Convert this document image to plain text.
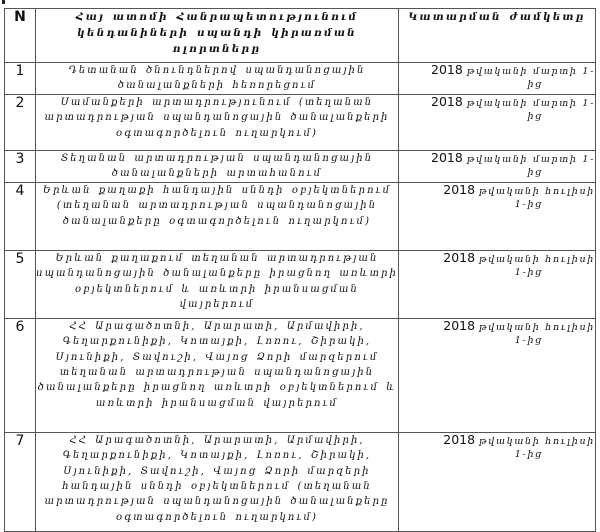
N	Հայ ատոմի Հանրապետությունում կենդանիների սպանդի կիրառման ոլորտները	Կատարման ժամկետը
1	Դետանան ծնունդներով սպանդանոցային ծանալանքների հեռորեցում	2018 թվականի մարտի 1-
ից

2	Սամանքերի արտադրությունում (տեղանան արտադրության սպանդանոցային ծանալանքերի օգտագործելուն ուղարկում)	2018 թվականի մարտի 1-
ից

3	Տեղանան արտադրության սպանդանոցային ծանալանքների արտահանում	2018 թվականի մարտի 1-
ից

4	Երևան քաղաքի հանդային սննդի օբյեկտներում (տեղանան արտադրության սպանդանոցային ծանալանքերը օգտագործելուն ուղարկում)	2018 թվականի հուլիսի
1-ից

5	Երևան քաղաքում տեղանան արտադրության սպանդանոցային ծանալանքերը իրացնող առևտրի օբյեկտներում և առևտրի իրանսացման վայրերում	2018 թվականի հուլիսի
1-ից

6	ՀՀ Արագածոտնի, Արարատի, Արմավիրի, Գեղարքունիքի, Կոտայքի, Լոռու, Շիրակի, Սյունիքի, Տավուշի, Վայոց Ձորի մարզերում տեղանան արտադրության սպանդանոցային ծանալանքերը իրացնող առևտրի օբյեկտներում և առևտրի իրանսացման վայրերում	2018 թվականի հուլիսի
1-ից

7	ՀՀ Արագածոտնի, Արարատի, Արմավիրի, Գեղարքունիքի, Կոտայքի, Լոռու, Շիրակի, Սյունիքի, Տավուշի, Վայոց Ձորի մարզերի հանդային սննդի օբյեկտներում (տեղանան արտադրության սպանդանոցային ծանալանքերը օգտագործելուն ուղարկում)	2018 թվականի հուլիսի
1-ից
